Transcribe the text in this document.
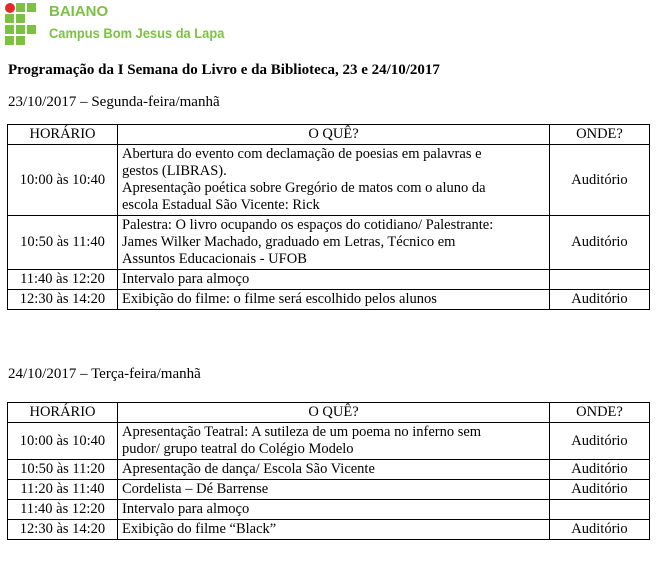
BAIANO
Campus Bom Jesus da Lapa
Programação da I Semana do Livro e da Biblioteca, 23 e 24/10/2017
23/10/2017 – Segunda-feira/manhã
HORÁRIO	O QUÊ?	ONDE?
10:00 às 10:40	Abertura do evento com declamação de poesias em palavras e
gestos (LIBRAS).
Apresentação poética sobre Gregório de matos com o aluno da
escola Estadual São Vicente: Rick	Auditório
10:50 às 11:40	Palestra: O livro ocupando os espaços do cotidiano/ Palestrante:
James Wilker Machado, graduado em Letras, Técnico em
Assuntos Educacionais - UFOB	Auditório
11:40 às 12:20	Intervalo para almoço	

12:30 às 14:20	Exibição do filme: o filme será escolhido pelos alunos	Auditório
24/10/2017 – Terça-feira/manhã
HORÁRIO	O QUÊ?	ONDE?
10:00 às 10:40	Apresentação Teatral: A sutileza de um poema no inferno sem
pudor/ grupo teatral do Colégio Modelo	Auditório
10:50 às 11:20	Apresentação de dança/ Escola São Vicente	Auditório
11:20 às 11:40	Cordelista – Dé Barrense	Auditório
11:40 às 12:20	Intervalo para almoço	

12:30 às 14:20	Exibição do filme “Black”	Auditório
